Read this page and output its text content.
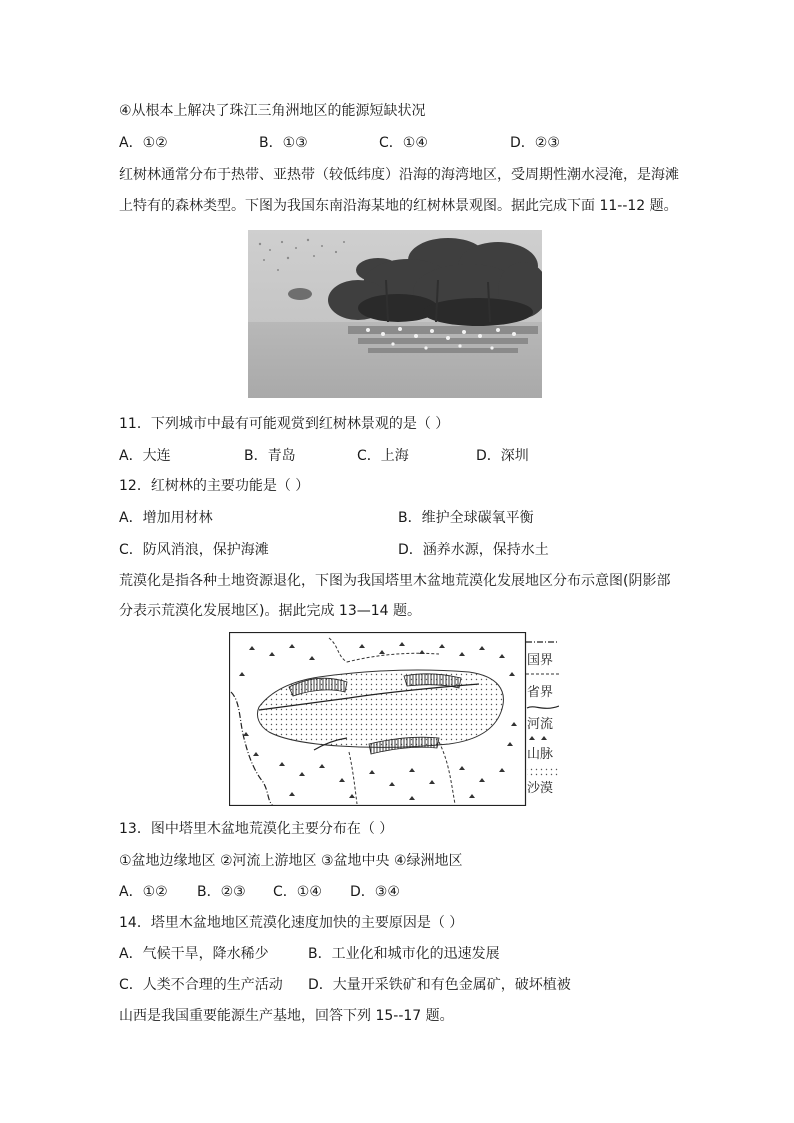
④从根本上解决了珠江三角洲地区的能源短缺状况
A．①②	B．①③	C．①④	D．②③
红树林通常分布于热带、亚热带（较低纬度）沿海的海湾地区，受周期性潮水浸淹，是海滩
上特有的森林类型。下图为我国东南沿海某地的红树林景观图。据此完成下面 11--12 题。
11．下列城市中最有可能观赏到红树林景观的是（ ）
A．大连	B．青岛	C．上海	D．深圳
12．红树林的主要功能是（ ）
A．增加用材林	B．维护全球碳氧平衡
C．防风消浪，保护海滩	D．涵养水源，保持水土
荒漠化是指各种土地资源退化，下图为我国塔里木盆地荒漠化发展地区分布示意图(阴影部
分表示荒漠化发展地区)。据此完成 13—14 题。
国界
省界
河流
山脉
沙漠
13．图中塔里木盆地荒漠化主要分布在（ ）
①盆地边缘地区 ②河流上游地区 ③盆地中央 ④绿洲地区
A．①② B．②③ C．①④ D．③④
14．塔里木盆地地区荒漠化速度加快的主要原因是（ ）
A．气候干旱，降水稀少	B．工业化和城市化的迅速发展
C．人类不合理的生产活动 D．大量开采铁矿和有色金属矿，破坏植被
山西是我国重要能源生产基地，回答下列 15--17 题。
